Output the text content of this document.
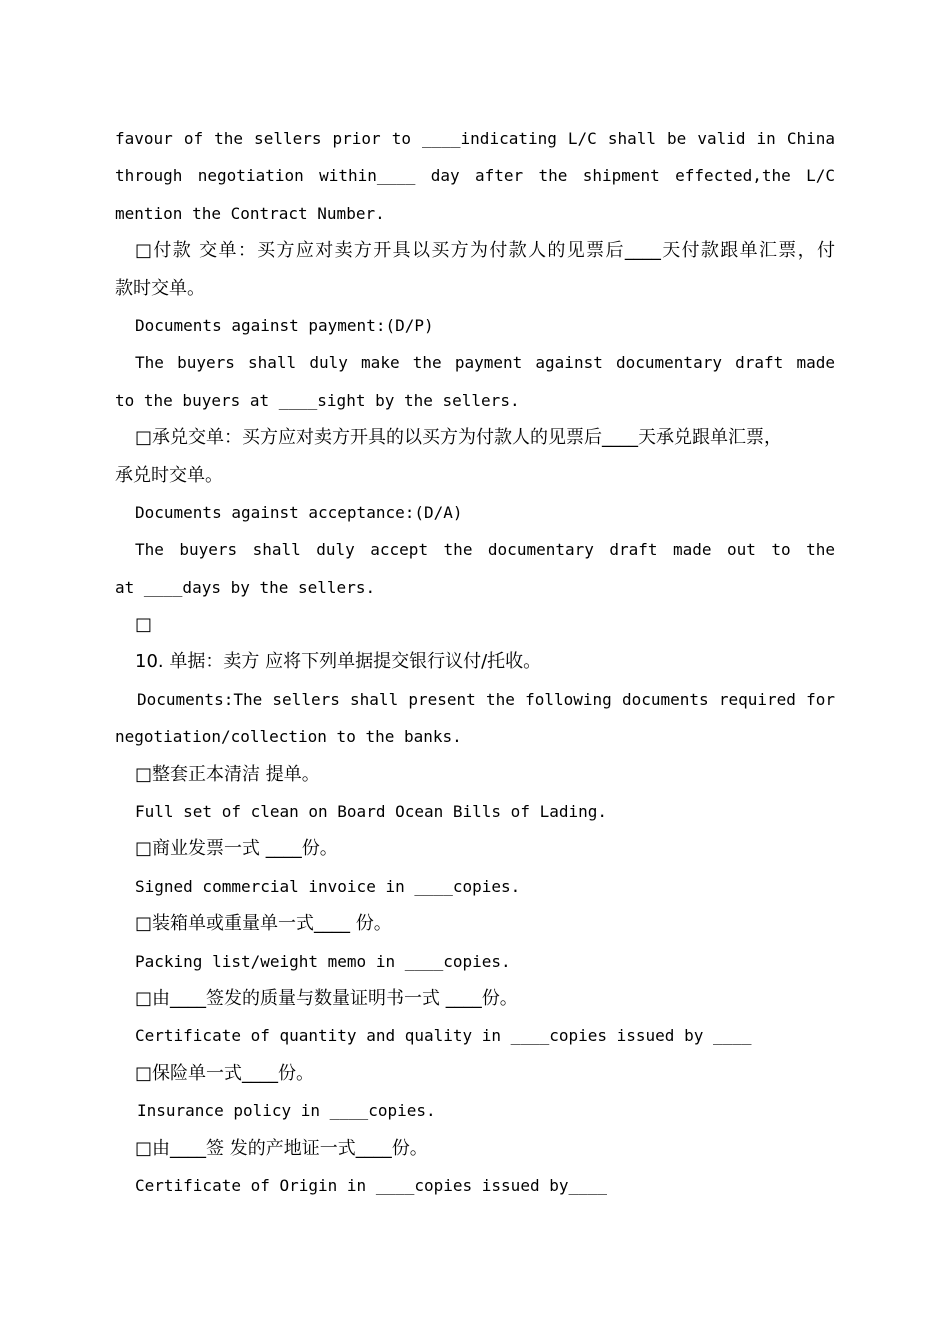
favour of the sellers prior to ____indicating L/C shall be valid in China
through negotiation within____ day after the shipment effected,the L/C
mention the Contract Number.
□付款 交单：买方应对卖方开具以买方为付款人的见票后____天付款跟单汇票，付
款时交单。
Documents against payment:(D/P)
The buyers shall duly make the payment against documentary draft made
to the buyers at ____sight by the sellers.
□承兑交单：买方应对卖方开具的以买方为付款人的见票后____天承兑跟单汇票，
承兑时交单。
Documents against acceptance:(D/A)
The buyers shall duly accept the documentary draft made out to the
at ____days by the sellers.
□
10. 单据：卖方 应将下列单据提交银行议付/托收。
Documents:The sellers shall present the following documents required for
negotiation/collection to the banks.
□整套正本清洁 提单。
Full set of clean on Board Ocean Bills of Lading.
□商业发票一式 ____份。
Signed commercial invoice in ____copies.
□装箱单或重量单一式____ 份。
Packing list/weight memo in ____copies.
□由____签发的质量与数量证明书一式 ____份。
Certificate of quantity and quality in ____copies issued by ____
□保险单一式____份。
Insurance policy in ____copies.
□由____签 发的产地证一式____份。
Certificate of Origin in ____copies issued by____
